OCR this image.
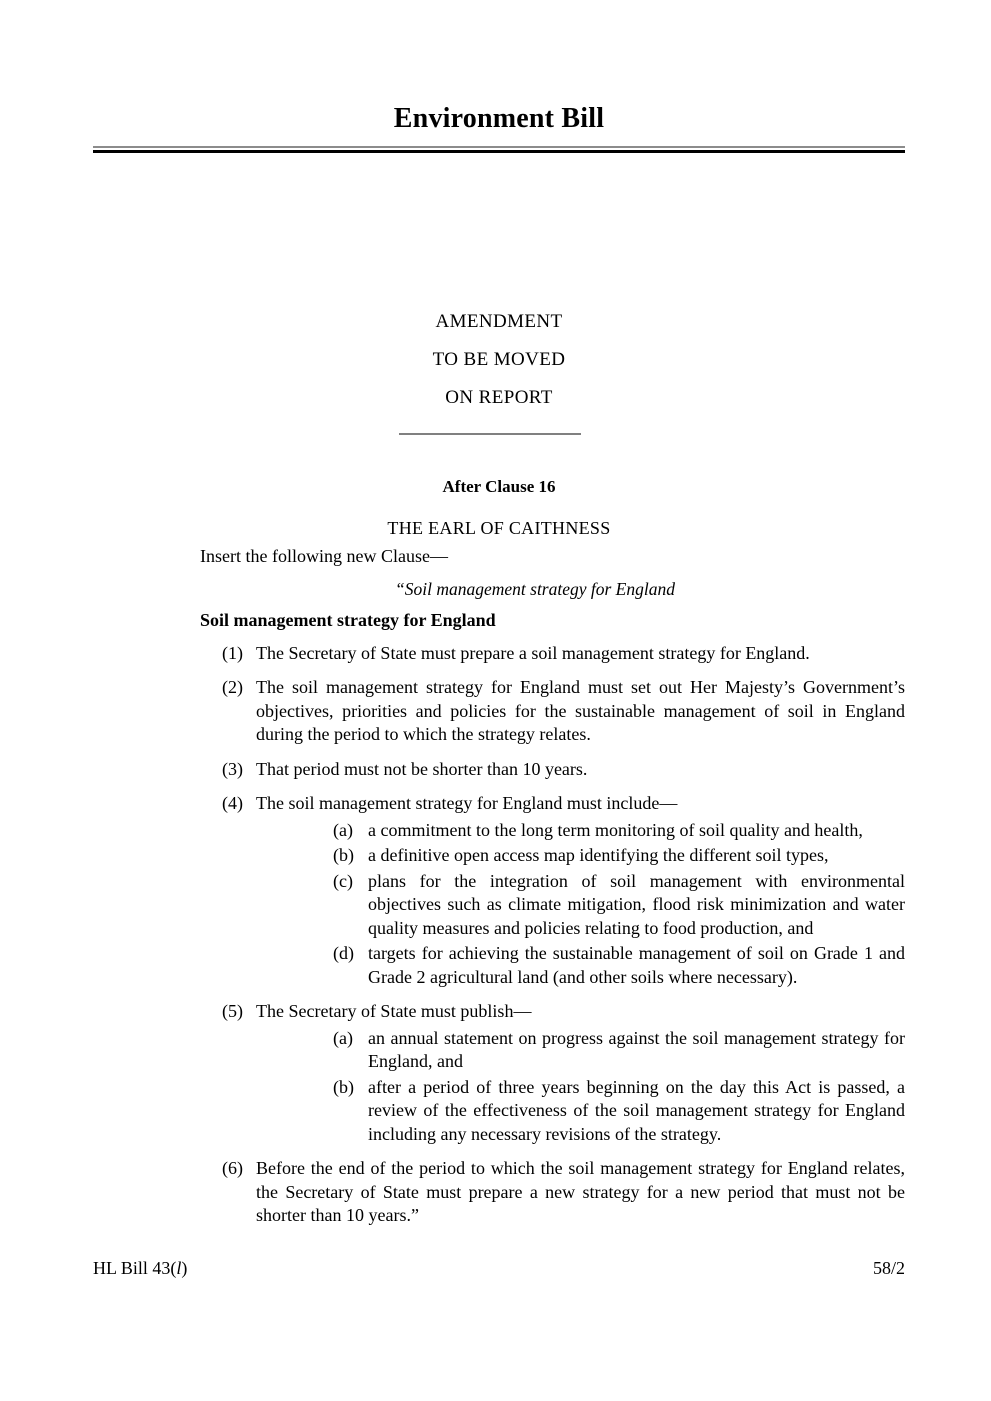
Environment Bill
AMENDMENT
TO BE MOVED
ON REPORT
After Clause 16
THE EARL OF CAITHNESS

Insert the following new Clause—

“Soil management strategy for England

Soil management strategy for England

(1) The Secretary of State must prepare a soil management strategy for England.
(2) The soil management strategy for England must set out Her Majesty’s Government’s objectives, priorities and policies for the sustainable management of soil in England during the period to which the strategy relates.
(3) That period must not be shorter than 10 years.
(4) The soil management strategy for England must include—
(a) a commitment to the long term monitoring of soil quality and health,
(b) a definitive open access map identifying the different soil types,
(c) plans for the integration of soil management with environmental objectives such as climate mitigation, flood risk minimization and water quality measures and policies relating to food production, and
(d) targets for achieving the sustainable management of soil on Grade 1 and Grade 2 agricultural land (and other soils where necessary).
(5) The Secretary of State must publish—
(a) an annual statement on progress against the soil management strategy for England, and
(b) after a period of three years beginning on the day this Act is passed, a review of the effectiveness of the soil management strategy for England including any necessary revisions of the strategy.
(6) Before the end of the period to which the soil management strategy for England relates, the Secretary of State must prepare a new strategy for a new period that must not be shorter than 10 years.”
HL Bill 43(l)	58/2
